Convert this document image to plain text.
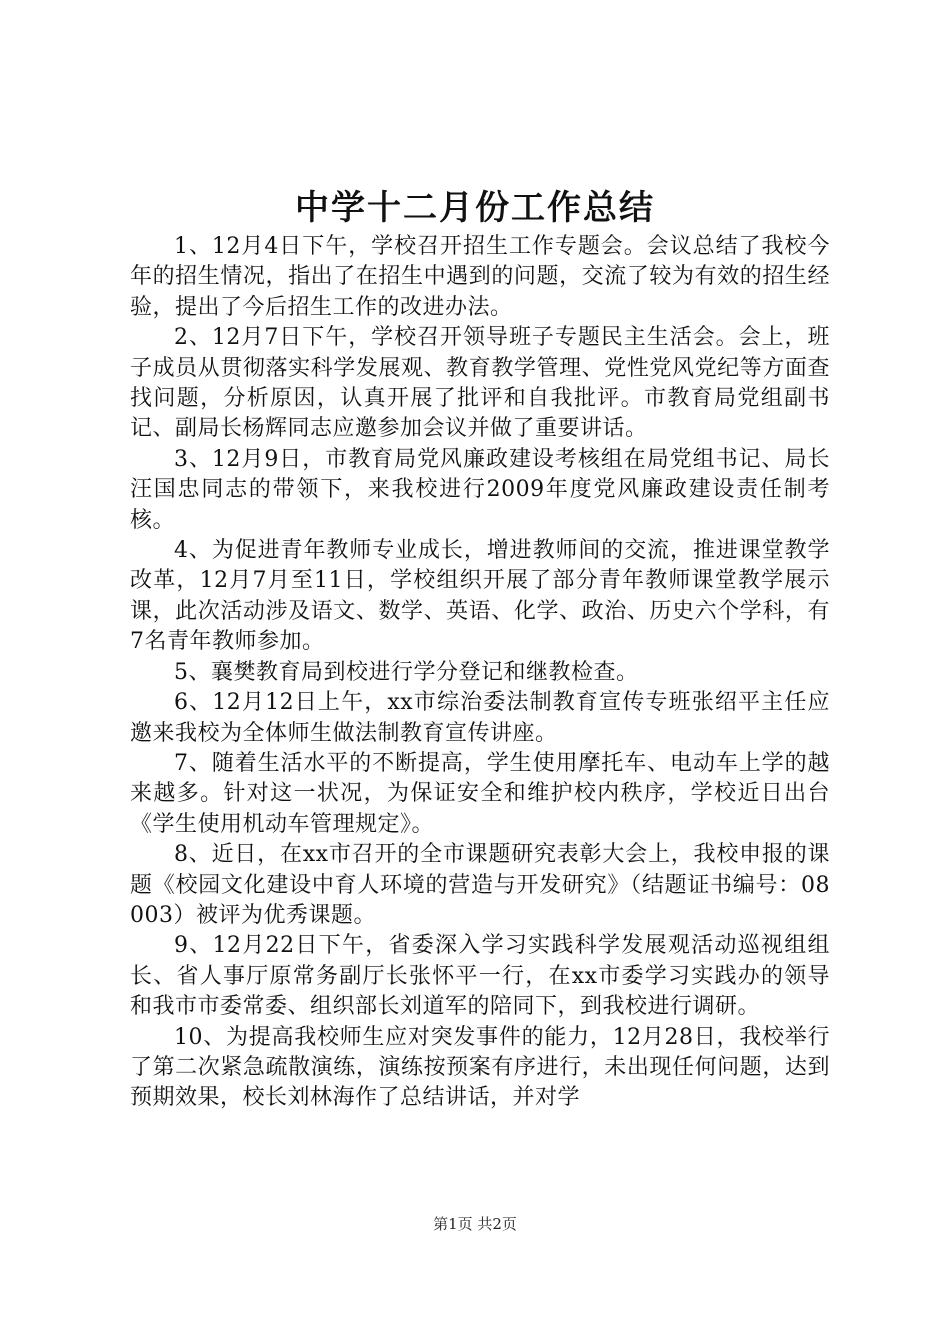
中学十二月份工作总结

1、12月4日下午，学校召开招生工作专题会。会议总结了我校今年的招生情况，指出了在招生中遇到的问题，交流了较为有效的招生经验，提出了今后招生工作的改进办法。

2、12月7日下午，学校召开领导班子专题民主生活会。会上，班子成员从贯彻落实科学发展观、教育教学管理、党性党风党纪等方面查找问题，分析原因，认真开展了批评和自我批评。市教育局党组副书记、副局长杨辉同志应邀参加会议并做了重要讲话。

3、12月9日，市教育局党风廉政建设考核组在局党组书记、局长汪国忠同志的带领下，来我校进行2009年度党风廉政建设责任制考核。

4、为促进青年教师专业成长，增进教师间的交流，推进课堂教学改革，12月7月至11日，学校组织开展了部分青年教师课堂教学展示课，此次活动涉及语文、数学、英语、化学、政治、历史六个学科，有7名青年教师参加。

5、襄樊教育局到校进行学分登记和继教检查。

6、12月12日上午，xx市综治委法制教育宣传专班张绍平主任应邀来我校为全体师生做法制教育宣传讲座。

7、随着生活水平的不断提高，学生使用摩托车、电动车上学的越来越多。针对这一状况，为保证安全和维护校内秩序，学校近日出台《学生使用机动车管理规定》。

8、近日，在xx市召开的全市课题研究表彰大会上，我校申报的课题《校园文化建设中育人环境的营造与开发研究》（结题证书编号：08003）被评为优秀课题。

9、12月22日下午，省委深入学习实践科学发展观活动巡视组组长、省人事厅原常务副厅长张怀平一行，在xx市委学习实践办的领导和我市市委常委、组织部长刘道军的陪同下，到我校进行调研。

10、为提高我校师生应对突发事件的能力，12月28日，我校举行了第二次紧急疏散演练，演练按预案有序进行，未出现任何问题，达到预期效果，校长刘林海作了总结讲话，并对学

第1页 共2页
